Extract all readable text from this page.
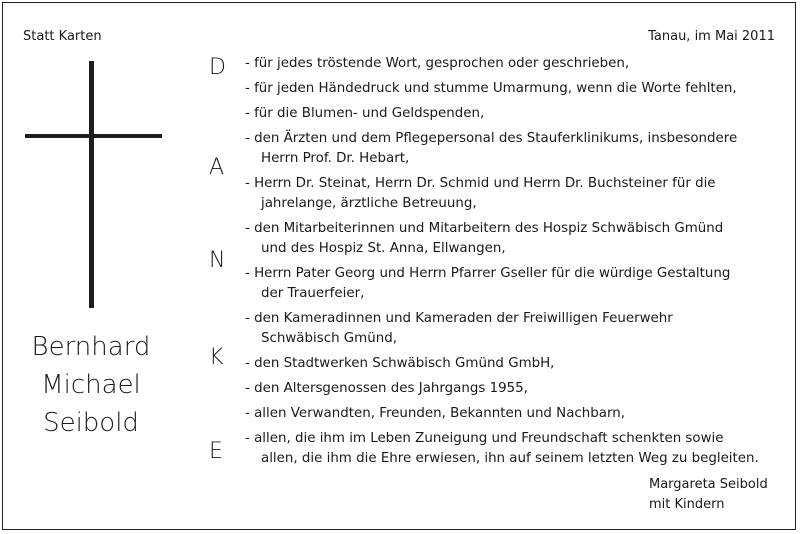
Statt Karten	Tanau, im Mai 2011
Bernhard
Michael
Seibold
D
A
N
K
E
- für jedes tröstende Wort, gesprochen oder geschrieben,
- für jeden Händedruck und stumme Umarmung, wenn die Worte fehlten,
- für die Blumen- und Geldspenden,
- den Ärzten und dem Pflegepersonal des Stauferklinikums, insbesondere
Herrn Prof. Dr. Hebart,
- Herrn Dr. Steinat, Herrn Dr. Schmid und Herrn Dr. Buchsteiner für die
jahrelange, ärztliche Betreuung,
- den Mitarbeiterinnen und Mitarbeitern des Hospiz Schwäbisch Gmünd
und des Hospiz St. Anna, Ellwangen,
- Herrn Pater Georg und Herrn Pfarrer Gseller für die würdige Gestaltung
der Trauerfeier,
- den Kameradinnen und Kameraden der Freiwilligen Feuerwehr
Schwäbisch Gmünd,
- den Stadtwerken Schwäbisch Gmünd GmbH,
- den Altersgenossen des Jahrgangs 1955,
- allen Verwandten, Freunden, Bekannten und Nachbarn,
- allen, die ihm im Leben Zuneigung und Freundschaft schenkten sowie
allen, die ihm die Ehre erwiesen, ihn auf seinem letzten Weg zu begleiten.
Margareta Seibold
mit Kindern
